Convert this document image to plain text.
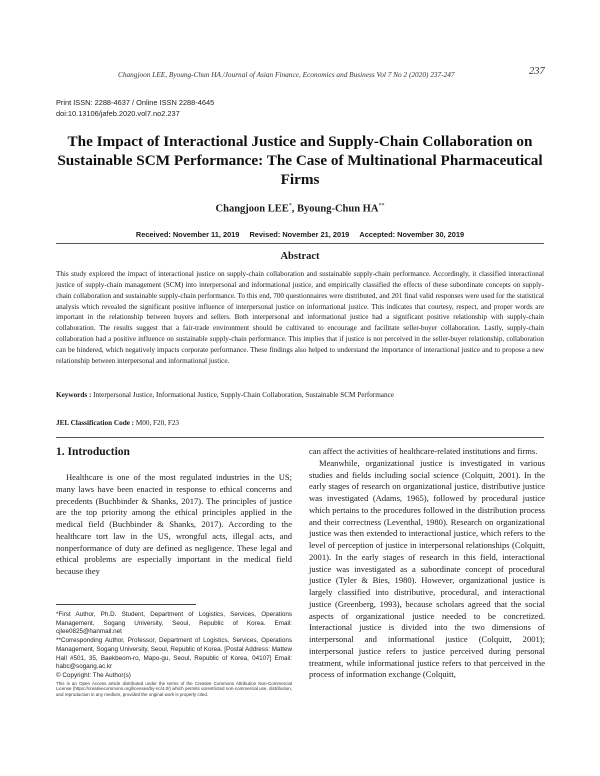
Changjoon LEE, Byoung-Chun HA /Journal of Asian Finance, Economics and Business Vol 7 No 2 (2020) 237-247	237
Print ISSN: 2288-4637 / Online ISSN 2288-4645
doi:10.13106/jafeb.2020.vol7.no2.237
The Impact of Interactional Justice and Supply-Chain Collaboration on
Sustainable SCM Performance: The Case of Multinational Pharmaceutical
Firms
Changjoon LEE*, Byoung-Chun HA**
Received: November 11, 2019 Revised: November 21, 2019 Accepted: November 30, 2019
Abstract
This study explored the impact of interactional justice on supply-chain collaboration and sustainable supply-chain performance. Accordingly, it classified interactional justice of supply-chain management (SCM) into interpersonal and informational justice, and empirically classified the effects of these subordinate concepts on supply-chain collaboration and sustainable supply-chain performance. To this end, 700 questionnaires were distributed, and 201 final valid responses were used for the statistical analysis which revealed the significant positive influence of interpersonal justice on informational justice. This indicates that courtesy, respect, and proper words are important in the relationship between buyers and sellers. Both interpersonal and informational justice had a significant positive relationship with supply-chain collaboration. The results suggest that a fair-trade environment should be cultivated to encourage and facilitate seller-buyer collaboration. Lastly, supply-chain collaboration had a positive influence on sustainable supply-chain performance. This implies that if justice is not perceived in the seller-buyer relationship, collaboration can be hindered, which negatively impacts corporate performance. These findings also helped to understand the importance of interactional justice and to propose a new relationship between interpersonal and informational justice.
Keywords : Interpersonal Justice, Informational Justice, Supply-Chain Collaboration, Sustainable SCM Performance
JEL Classification Code : M00, F20, F23
1. Introduction

Healthcare is one of the most regulated industries in the US; many laws have been enacted in response to ethical concerns and precedents (Buchbinder & Shanks, 2017). The principles of justice are the top priority among the ethical principles applied in the medical field (Buchbinder & Shanks, 2017). According to the healthcare tort law in the US, wrongful acts, illegal acts, and nonperformance of duty are defined as negligence. These legal and ethical problems are especially important in the medical field because they

can affect the activities of healthcare-related institutions and firms.

Meanwhile, organizational justice is investigated in various studies and fields including social science (Colquitt, 2001). In the early stages of research on organizational justice, distributive justice was investigated (Adams, 1965), followed by procedural justice which pertains to the procedures followed in the distribution process and their correctness (Leventhal, 1980). Research on organizational justice was then extended to interactional justice, which refers to the level of perception of justice in interpersonal relationships (Colquitt, 2001). In the early stages of research in this field, interactional justice was investigated as a subordinate concept of procedural justice (Tyler & Bies, 1980). However, organizational justice is largely classified into distributive, procedural, and interactional justice (Greenberg, 1993), because scholars agreed that the social aspects of organizational justice needed to be concretized. Interactional justice is divided into the two dimensions of interpersonal and informational justice (Colquitt, 2001); interpersonal justice refers to justice perceived during personal treatment, while informational justice refers to that perceived in the process of information exchange (Colquitt,

*First Author, Ph.D. Student, Department of Logistics, Services, Operations Management, Sogang University, Seoul, Republic of Korea. Email: cjlee0825@hanmail.net

**Corresponding Author, Professor, Department of Logistics, Services, Operations Management, Sogang University, Seoul, Republic of Korea. [Postal Address: Mattew Hall #501, 35, Baekbeom-ro, Mapo-gu, Seoul, Republic of Korea, 04107] Email: habc@sogang.ac.kr

© Copyright: The Author(s)

This is an Open Access article distributed under the terms of the Creative Commons Attribution Non-Commercial License (https://creativecommons.org/licenses/by-nc/4.0/) which permits unrestricted non-commercial use, distribution, and reproduction in any medium, provided the original work is properly cited.
